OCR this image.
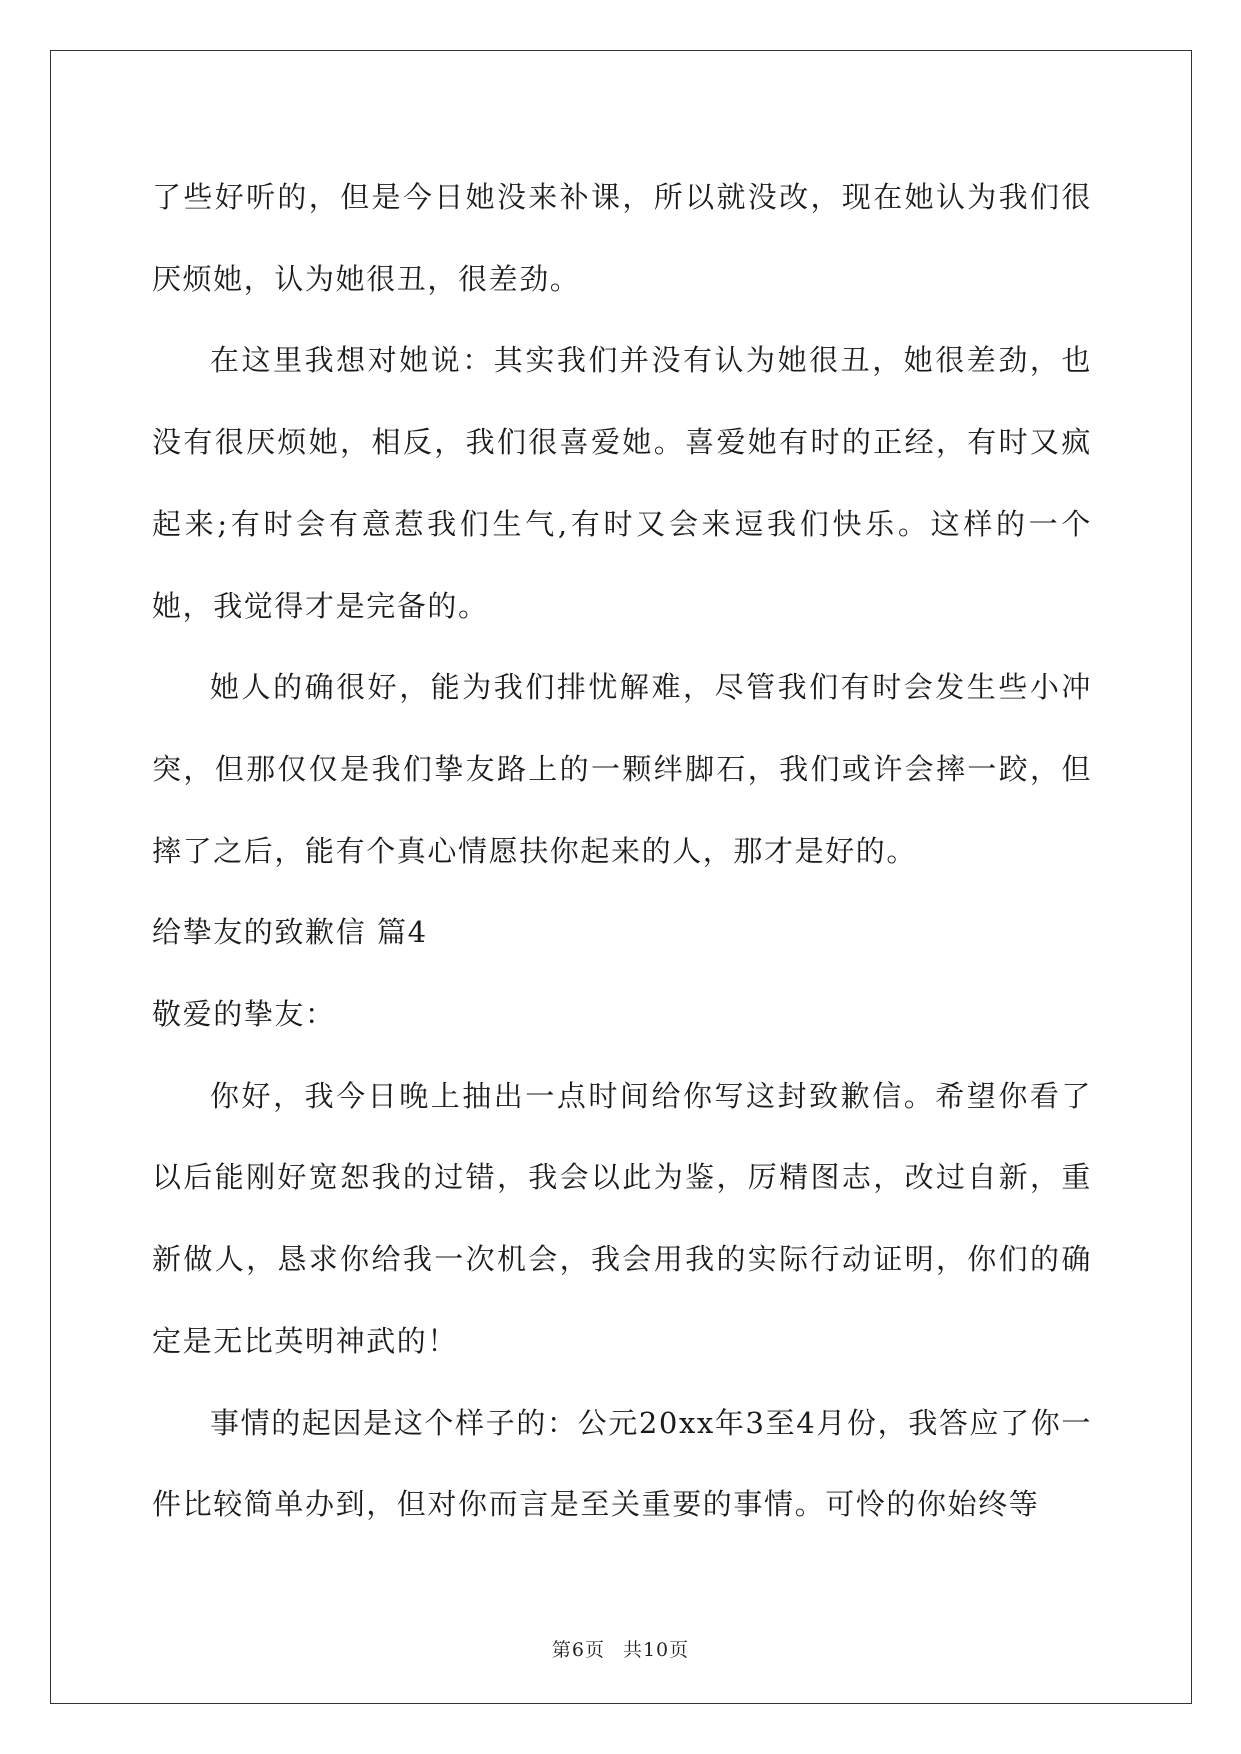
了些好听的，但是今日她没来补课，所以就没改，现在她认为我们很厌烦她，认为她很丑，很差劲。

在这里我想对她说：其实我们并没有认为她很丑，她很差劲，也没有很厌烦她，相反，我们很喜爱她。喜爱她有时的正经，有时又疯起来;有时会有意惹我们生气,有时又会来逗我们快乐。这样的一个她，我觉得才是完备的。

她人的确很好，能为我们排忧解难，尽管我们有时会发生些小冲突，但那仅仅是我们挚友路上的一颗绊脚石，我们或许会摔一跤，但摔了之后，能有个真心情愿扶你起来的人，那才是好的。

给挚友的致歉信 篇4

敬爱的挚友：

你好，我今日晚上抽出一点时间给你写这封致歉信。希望你看了以后能刚好宽恕我的过错，我会以此为鉴，厉精图志，改过自新，重新做人，恳求你给我一次机会，我会用我的实际行动证明，你们的确定是无比英明神武的！

事情的起因是这个样子的：公元20xx年3至4月份，我答应了你一件比较简单办到，但对你而言是至关重要的事情。可怜的你始终等

第6页 共10页
